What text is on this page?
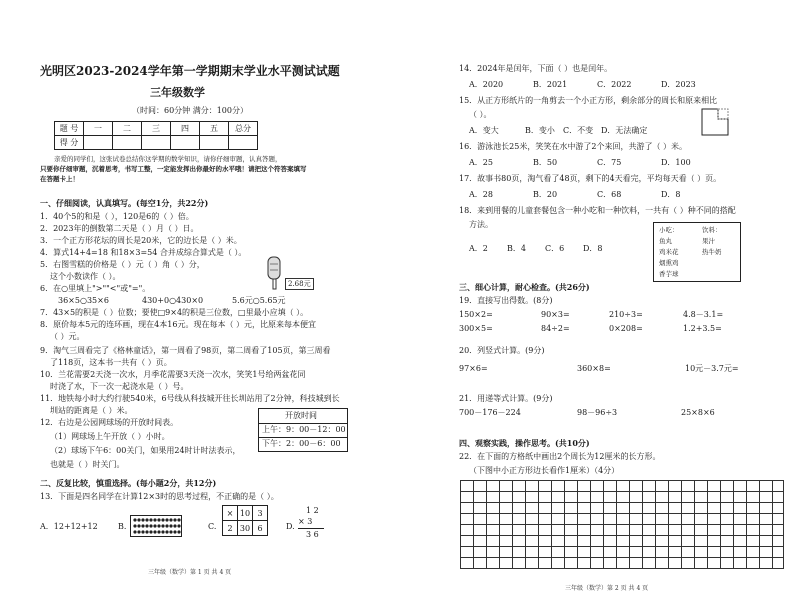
光明区2023-2024学年第一学期期末学业水平测试试题
三年级数学
（时间：60分钟 满分：100分）
题 号	一	二	三	四	五	总分
得 分						
亲爱的同学们，这张试卷总结你这学期的数学知识，请你仔细审题，认真答题，
只要你仔细审题，沉着思考，书写工整，一定能发挥出你最好的水平哦！请把这个符答案填写
在答题卡上！
一、仔细阅读，认真填写。(每空1分，共22分)
1．40个5的和是（ ），120是6的（ ）倍。
2．2023年的倒数第二天是（ ）月（ ）日。
3．一个正方形花坛的周长是20米，它的边长是（ ）米。
4．算式14+4=18 和18×3=54 合并成综合算式是（ ）。
5．右图雪糕的价格是（ ）元（ ）角（ ）分，
这个小数读作（ ）。
2.68元
6．在○里填上">""<"或"="。
36×5○35×6	430+0○430×0	5.6元○5.65元
7．43×5的积是（ ）位数；要使□9×4的积是三位数，□里最小应填（ ）。
8．原价每本5元的连环画，现在4本16元。现在每本（ ）元，比原来每本便宜
（ ）元。
9．淘气三周看完了《格林童话》，第一周看了98页，第二周看了105页，第三周看
了118页，这本书一共有（ ）页。
10．兰花需要2天浇一次水，月季花需要3天浇一次水，笑笑1号给两盆花同
时浇了水，下一次一起浇水是（ ）号。
11．地铁每小时大约行驶540米，6号线从科技城开往长圳站用了2分钟，科技城到长
圳站的距离是（ ）米。
12．右边是公园网球场的开放时间表。
（1）网球场上午开放（ ）小时。
（2）球场下午6：00关门，如果用24时计时法表示，
也就是（ ）时关门。
开放时间
上午：9：00－12：00
下午：2：00－6：00
二、反复比较，慎重选择。(每小题2分，共12分)
13．下面是四名同学在计算12×3时的思考过程，不正确的是（ ）。
A．12+12+12	B.	C.
×	10	3
2	30	6	D.
1 2
× 3
3 6
三年级（数学）第 1 页 共 4 页
14．2024年是闰年，下面（ ）也是闰年。
A．2020	B．2021	C．2022	D．2023
15．从正方形纸片的一角剪去一个小正方形，剩余部分的周长和原来相比
（ ）。
A．变大	B．变小 C．不变 D．无法确定
16．游泳池长25米，笑笑在水中游了2个来回，共游了（ ）米。
A．25	B．50	C．75	D．100
17．故事书80页，淘气看了48页，剩下的4天看完，平均每天看（ ）页。
A．28	B．20	C．68	D．8
18．来到用餐的儿童套餐包含一种小吃和一种饮料，一共有（ ）种不同的搭配
方法。
A．2 B．4 C．6 D．8
小吃：
鱼丸
鸡米花
烟熏鸡
香芋球
饮料：
果汁
热牛奶
三、细心计算，耐心检查。(共26分)
19．直接写出得数。(8分)
150×2=	90×3=	210÷3=	4.8－3.1=
300×5=	84÷2=	0×208=	1.2+3.5=
20．列竖式计算。(9分)
97×6=	360×8=	10元－3.7元=
21．用递等式计算。(9分)
700－176－224	98－96÷3	25×8×6
四、观察实践，操作思考。(共10分)
22．在下面的方格纸中画出2个周长为12厘米的长方形。
（下图中小正方形边长看作1厘米）（4分）
三年级（数学）第 2 页 共 4 页
